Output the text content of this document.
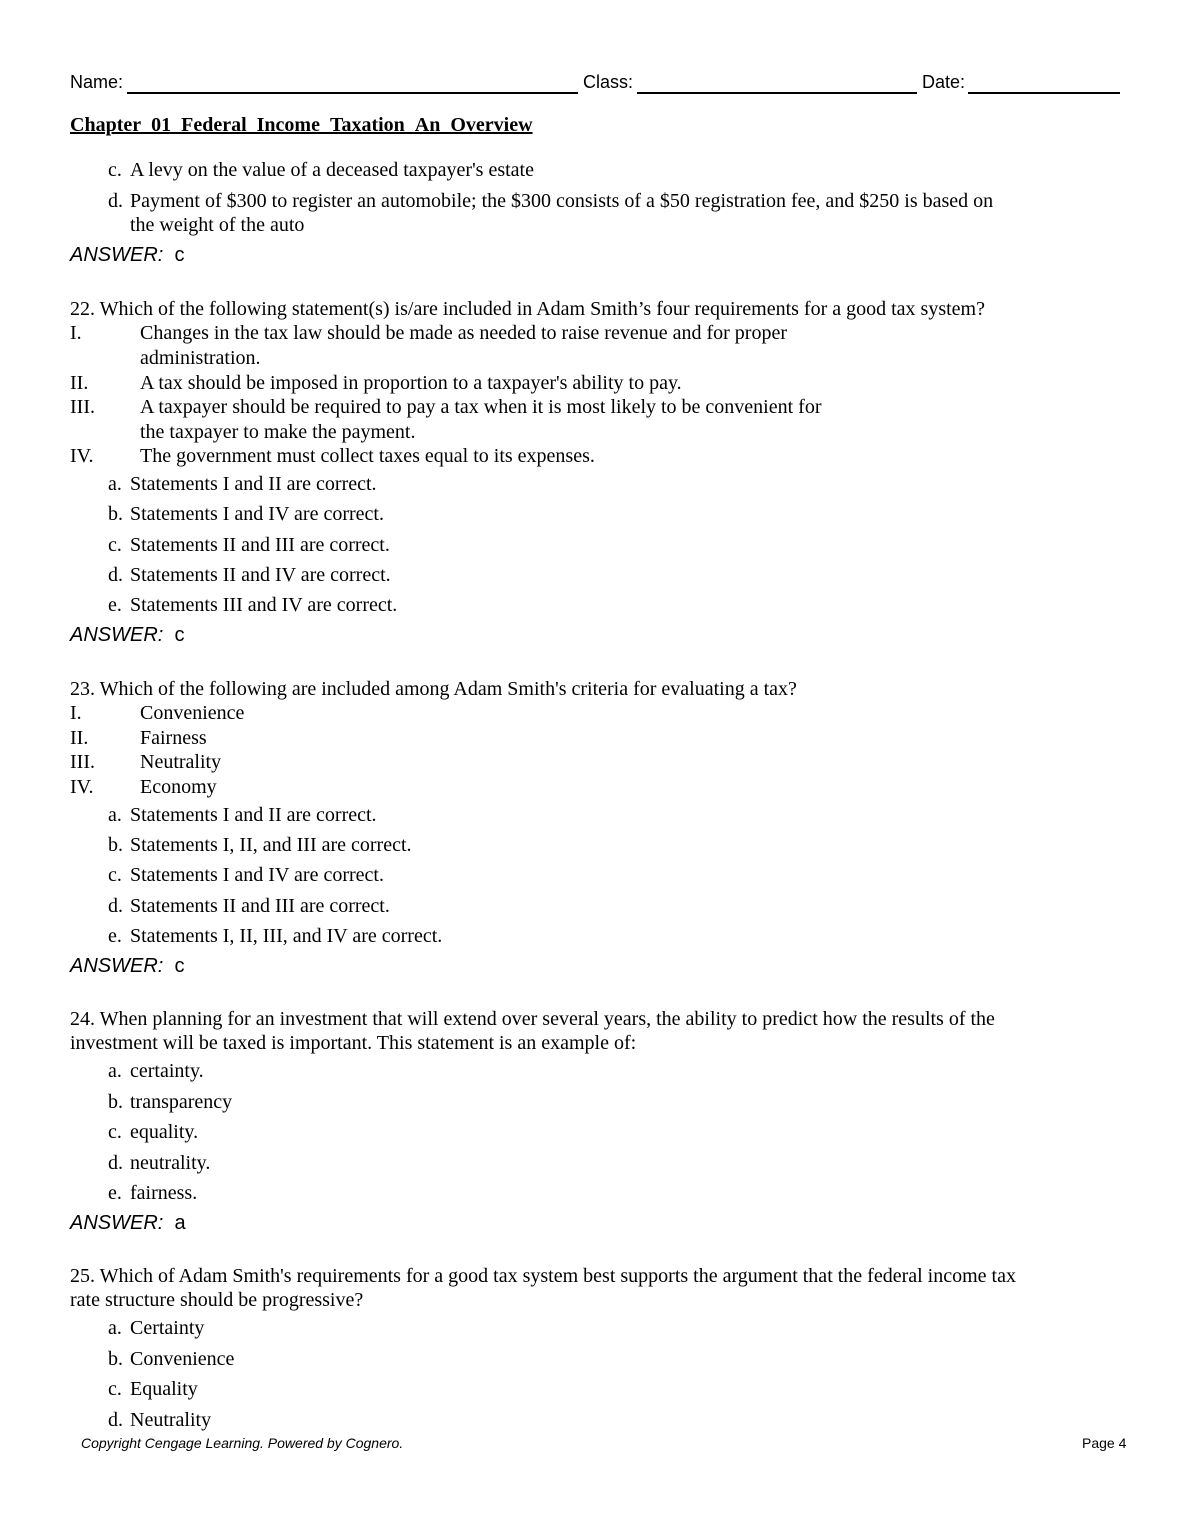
Name:	Class:	Date:
Chapter_01_Federal_Income_Taxation_An_Overview
c. A levy on the value of a deceased taxpayer's estate
d. Payment of $300 to register an automobile; the $300 consists of a $50 registration fee, and $250 is based on
the weight of the auto
ANSWER: c
22. Which of the following statement(s) is/are included in Adam Smith’s four requirements for a good tax system?
I.	Changes in the tax law should be made as needed to raise revenue and for proper
administration.
II.	A tax should be imposed in proportion to a taxpayer's ability to pay.
III. A taxpayer should be required to pay a tax when it is most likely to be convenient for
the taxpayer to make the payment.
IV. The government must collect taxes equal to its expenses.
a. Statements I and II are correct.
b. Statements I and IV are correct.
c. Statements II and III are correct.
d. Statements II and IV are correct.
e. Statements III and IV are correct.
ANSWER: c
23. Which of the following are included among Adam Smith's criteria for evaluating a tax?
I.	Convenience
II.	Fairness
III. Neutrality
IV. Economy
a. Statements I and II are correct.
b. Statements I, II, and III are correct.
c. Statements I and IV are correct.
d. Statements II and III are correct.
e. Statements I, II, III, and IV are correct.
ANSWER: c
24. When planning for an investment that will extend over several years, the ability to predict how the results of the
investment will be taxed is important. This statement is an example of:
a. certainty.
b. transparency
c. equality.
d. neutrality.
e. fairness.
ANSWER: a
25. Which of Adam Smith's requirements for a good tax system best supports the argument that the federal income tax
rate structure should be progressive?
a. Certainty
b. Convenience
c. Equality
d. Neutrality
Copyright Cengage Learning. Powered by Cognero.	Page 4
